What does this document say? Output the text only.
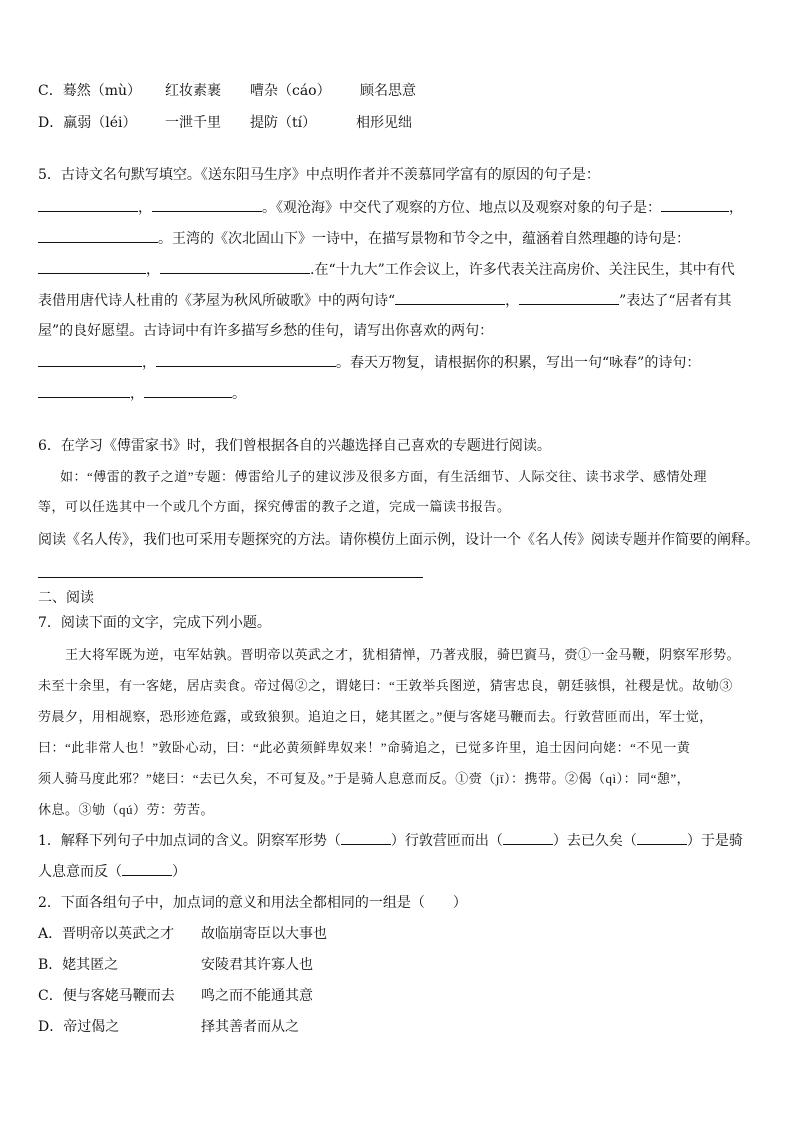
C．蓦然（mù） 红妆素裹 嘈杂（cáo） 顾名思意
D．羸弱（léi） 一泄千里 提防（tí）	相形见绌
5．古诗文名句默写填空。《送东阳马生序》中点明作者并不羡慕同学富有的原因的句子是：
，	。《观沧海》中交代了观察的方位、地点以及观察对象的句子是：	，
。王湾的《次北固山下》一诗中，在描写景物和节令之中，蕴涵着自然理趣的诗句是：
，	.在“十九大”工作会议上，许多代表关注高房价、关注民生，其中有代
表借用唐代诗人杜甫的《茅屋为秋风所破歌》中的两句诗“	，	”表达了“居者有其
屋”的良好愿望。古诗词中有许多描写乡愁的佳句，请写出你喜欢的两句：
，	。春天万物复，请根据你的积累，写出一句“咏春”的诗句：
，	。
6．在学习《傅雷家书》时，我们曾根据各自的兴趣选择自己喜欢的专题进行阅读。
如：“傅雷的教子之道”专题：傅雷给儿子的建议涉及很多方面，有生活细节、人际交往、读书求学、感情处理
等，可以任选其中一个或几个方面，探究傅雷的教子之道，完成一篇读书报告。
阅读《名人传》，我们也可采用专题探究的方法。请你模仿上面示例，设计一个《名人传》阅读专题并作简要的阐释。
二、阅读
7．阅读下面的文字，完成下列小题。
王大将军既为逆，屯军姑孰。晋明帝以英武之才，犹相猜惮，乃著戎服，骑巴賨马，赍①一金马鞭，阴察军形势。
未至十余里，有一客姥，居店卖食。帝过偈②之，谓姥曰：“王敦举兵图逆，猜害忠良，朝廷骇惧，社稷是忧。故劬③
劳晨夕，用相觇察，恐形迹危露，或致狼狈。追迫之日，姥其匿之。”便与客姥马鞭而去。行敦营匝而出，军士觉，
曰：“此非常人也！”敦卧心动，曰：“此必黄须鲜卑奴来！”命骑追之，已觉多许里，追士因问向姥：“不见一黄
须人骑马度此邪？”姥曰：“去已久矣，不可复及。”于是骑人息意而反。①赍（jī）：携带。②偈（qì）：同“憩”，
休息。③劬（qú）劳：劳苦。
1．解释下列句子中加点词的含义。阴察军形势（	）行敦营匝而出（	）去已久矣（	）于是骑
人息意而反（	）
2．下面各组句子中，加点词的意义和用法全都相同的一组是（　　）
A．晋明帝以英武之才 故临崩寄臣以大事也
B．姥其匿之	安陵君其许寡人也
C．便与客姥马鞭而去 鸣之而不能通其意
D．帝过偈之	择其善者而从之
